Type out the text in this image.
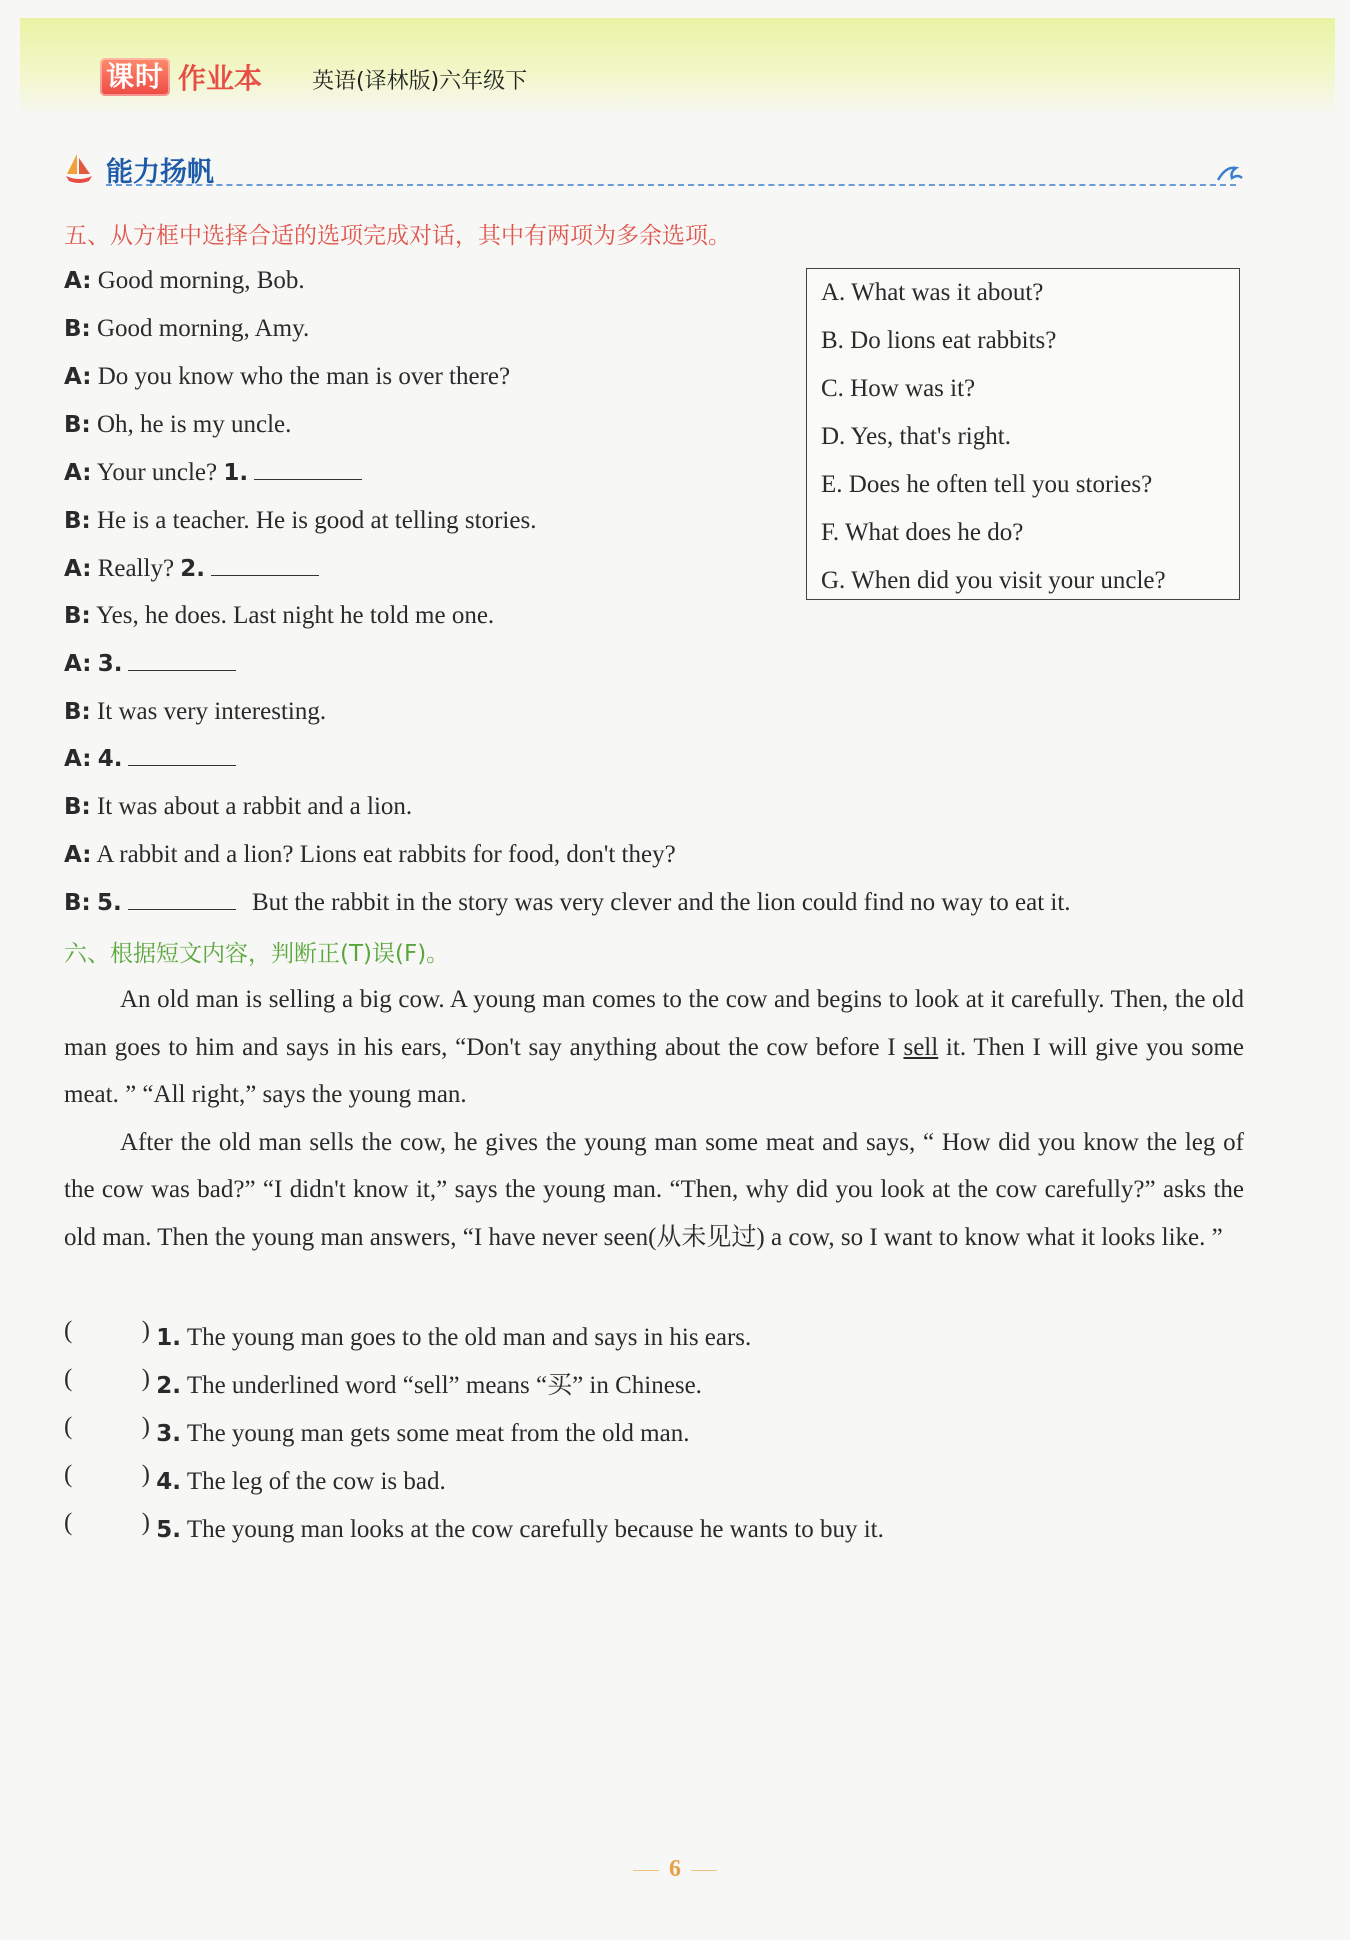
课时 作业本 英语(译林版)六年级下
能力扬帆
五、从方框中选择合适的选项完成对话，其中有两项为多余选项。
A: Good morning, Bob.
B: Good morning, Amy.
A: Do you know who the man is over there?
B: Oh, he is my uncle.
A: Your uncle? 1.
B: He is a teacher. He is good at telling stories.
A: Really? 2.
B: Yes, he does. Last night he told me one.
A: 3.
B: It was very interesting.
A: 4.
B: It was about a rabbit and a lion.
A: A rabbit and a lion? Lions eat rabbits for food, don't they?
B: 5.	But the rabbit in the story was very clever and the lion could find no way to eat it.
A. What was it about?
B. Do lions eat rabbits?
C. How was it?
D. Yes, that's right.
E. Does he often tell you stories?
F. What does he do?
G. When did you visit your uncle?
六、根据短文内容，判断正(T)误(F)。

An old man is selling a big cow. A young man comes to the cow and begins to look at it carefully. Then, the old man goes to him and says in his ears, “Don't say anything about the cow before I sell it. Then I will give you some meat. ” “All right,” says the young man.

After the old man sells the cow, he gives the young man some meat and says, “ How did you know the leg of the cow was bad?” “I didn't know it,” says the young man. “Then, why did you look at the cow carefully?” asks the old man. Then the young man answers, “I have never seen(从未见过) a cow, so I want to know what it looks like. ”

(	) 1. The young man goes to the old man and says in his ears.
(	) 2. The underlined word “sell” means “买” in Chinese.
(	) 3. The young man gets some meat from the old man.
(	) 4. The leg of the cow is bad.
(	) 5. The young man looks at the cow carefully because he wants to buy it.
6
